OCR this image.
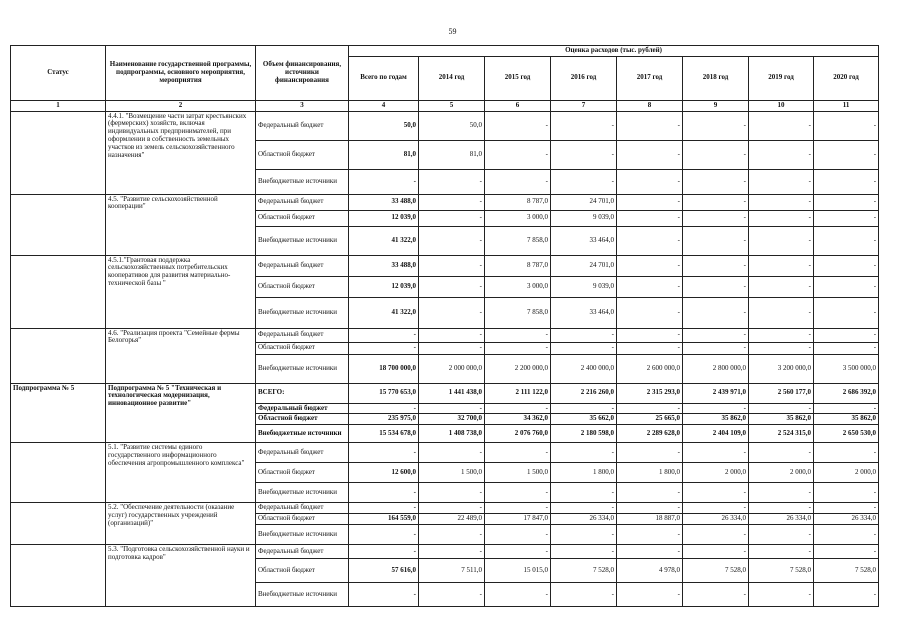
59
Статус	Наименование государственной программы, подпрограммы, основного мероприятия, мероприятия	Объем финансирования, источники финансирования	Оценка расходов (тыс. рублей)							
			Всего по годам	2014 год	2015 год	2016 год	2017 год	2018 год	2019 год	2020 год
1	2	3	4	5	6	7	8	9	10	11
	4.4.1. "Возмещение части затрат крестьянских (фермерских) хозяйств, включая индивидуальных предпринимателей, при оформлении в собственность земельных участков из земель сельскохозяйственного назначения"	Федеральный бюджет	50,0	50,0	-	-	-	-	-	-
		Областной бюджет	81,0	81,0	-	-	-	-	-	-
		Внебюджетные источники	-	-	-	-	-	-	-	-
	4.5. "Развитие сельскохозяйственной кооперации"	Федеральный бюджет	33 488,0	-	8 787,0	24 701,0	-	-	-	-
		Областной бюджет	12 039,0	-	3 000,0	9 039,0	-	-	-	-
		Внебюджетные источники	41 322,0	-	7 858,0	33 464,0	-	-	-	-
	4.5.1."Грантовая поддержка сельскохозяйственных потребительских кооперативов для развития материально-технической базы "	Федеральный бюджет	33 488,0	-	8 787,0	24 701,0	-	-	-	-
		Областной бюджет	12 039,0	-	3 000,0	9 039,0	-	-	-	-
		Внебюджетные источники	41 322,0	-	7 858,0	33 464,0	-	-	-	-
	4.6. "Реализация проекта "Семейные фермы Белогорья"	Федеральный бюджет	-	-	-	-	-	-	-	-
		Областной бюджет	-	-	-	-	-	-	-	-
		Внебюджетные источники	18 700 000,0	2 000 000,0	2 200 000,0	2 400 000,0	2 600 000,0	2 800 000,0	3 200 000,0	3 500 000,0
Подпрограмма № 5	Подпрограмма № 5 "Техническая и технологическая модернизация, инновационное развитие"	ВСЕГО:	15 770 653,0	1 441 438,0	2 111 122,0	2 216 260,0	2 315 293,0	2 439 971,0	2 560 177,0	2 686 392,0
		Федеральный бюджет	-	-	-	-	-	-	-	-
		Областной бюджет	235 975,0	32 700,0	34 362,0	35 662,0	25 665,0	35 862,0	35 862,0	35 862,0
		Внебюджетные источники	15 534 678,0	1 408 738,0	2 076 760,0	2 180 598,0	2 289 628,0	2 404 109,0	2 524 315,0	2 650 530,0
	5.1. "Развитие системы единого государственного информационного обеспечения агропромышленного комплекса"	Федеральный бюджет	-	-	-	-	-	-	-	-
		Областной бюджет	12 600,0	1 500,0	1 500,0	1 800,0	1 800,0	2 000,0	2 000,0	2 000,0
		Внебюджетные источники	-	-	-	-	-	-	-	-
	5.2. "Обеспечение деятельности (оказание услуг) государственных учреждений (организаций)"	Федеральный бюджет	-	-	-	-	-	-	-	-
		Областной бюджет	164 559,0	22 489,0	17 847,0	26 334,0	18 887,0	26 334,0	26 334,0	26 334,0
		Внебюджетные источники	-	-	-	-	-	-	-	-
	5.3. "Подготовка сельскохозяйственной науки и подготовка кадров"	Федеральный бюджет	-	-	-	-	-	-	-	-
		Областной бюджет	57 616,0	7 511,0	15 015,0	7 528,0	4 978,0	7 528,0	7 528,0	7 528,0
		Внебюджетные источники	-	-	-	-	-	-	-	-
